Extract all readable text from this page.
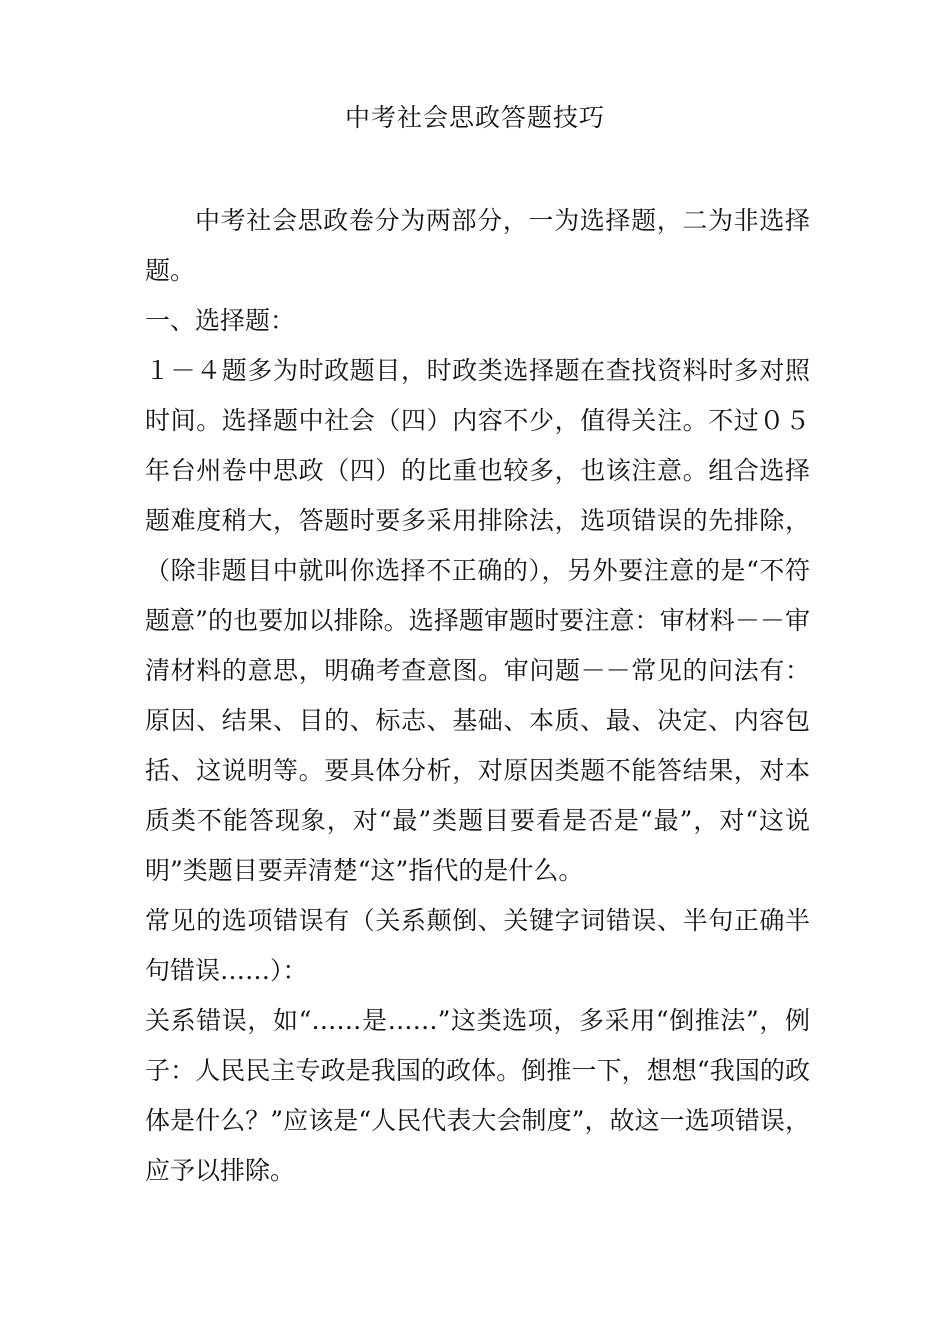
中考社会思政答题技巧

中考社会思政卷分为两部分，一为选择题，二为非选择题。

一、选择题：

１－４题多为时政题目，时政类选择题在查找资料时多对照时间。选择题中社会（四）内容不少，值得关注。不过０５年台州卷中思政（四）的比重也较多，也该注意。组合选择题难度稍大，答题时要多采用排除法，选项错误的先排除，（除非题目中就叫你选择不正确的），另外要注意的是“不符题意”的也要加以排除。选择题审题时要注意：审材料－－审清材料的意思，明确考查意图。审问题－－常见的问法有：原因、结果、目的、标志、基础、本质、最、决定、内容包括、这说明等。要具体分析，对原因类题不能答结果，对本质类不能答现象，对“最”类题目要看是否是“最”，对“这说明”类题目要弄清楚“这”指代的是什么。

常见的选项错误有（关系颠倒、关键字词错误、半句正确半句错误……）：

关系错误，如“……是……”这类选项，多采用“倒推法”，例子：人民民主专政是我国的政体。倒推一下，想想“我国的政体是什么？”应该是“人民代表大会制度”，故这一选项错误，应予以排除。
